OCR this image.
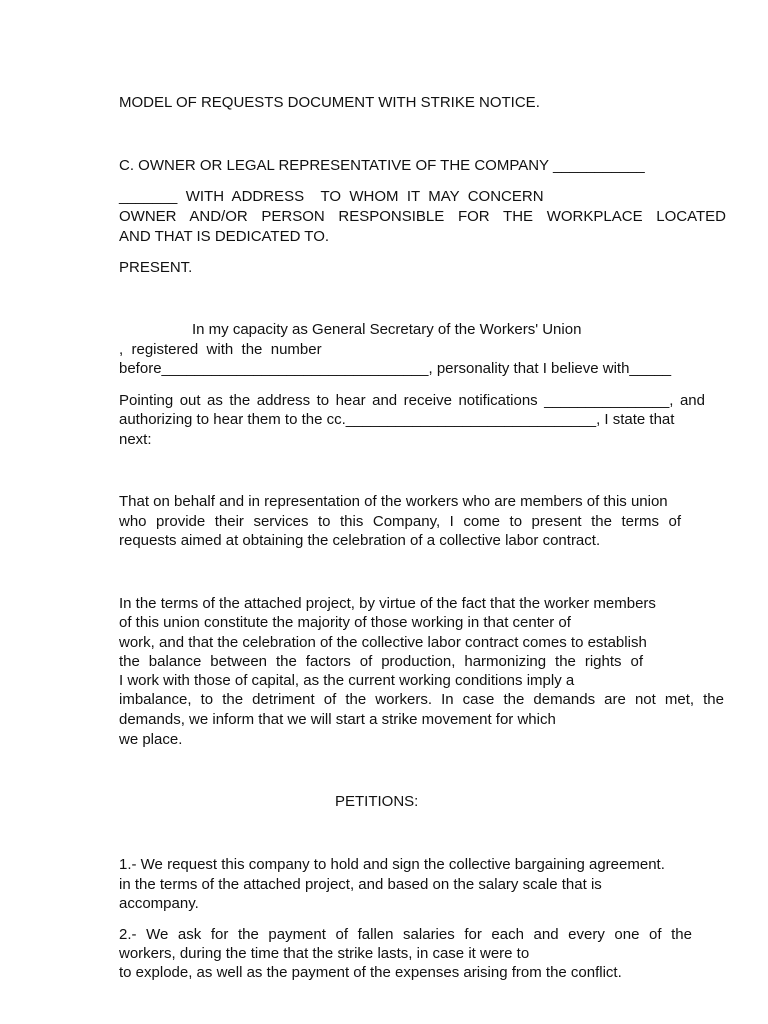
MODEL OF REQUESTS DOCUMENT WITH STRIKE NOTICE.

C. OWNER OR LEGAL REPRESENTATIVE OF THE COMPANY ___________

_______  WITH  ADDRESS    TO  WHOM  IT  MAY  CONCERN

OWNER AND/OR PERSON RESPONSIBLE FOR THE WORKPLACE LOCATED

AND THAT IS DEDICATED TO.

PRESENT.

In my capacity as General Secretary of the Workers' Union

,  registered  with  the  number

before________________________________, personality that I believe with_____

Pointing out as the address to hear and receive notifications _______________, and

authorizing to hear them to the cc.______________________________, I state that

next:

That on behalf and in representation of the workers who are members of this union

who provide their services to this Company, I come to present the terms of

requests aimed at obtaining the celebration of a collective labor contract.

In the terms of the attached project, by virtue of the fact that the worker members

of this union constitute the majority of those working in that center of

work, and that the celebration of the collective labor contract comes to establish

the balance between the factors of production, harmonizing the rights of

I work with those of capital, as the current working conditions imply a

imbalance, to the detriment of the workers. In case the demands are not met, the

demands, we inform that we will start a strike movement for which

we place.

PETITIONS:

1.- We request this company to hold and sign the collective bargaining agreement.

in the terms of the attached project, and based on the salary scale that is

accompany.

2.- We ask for the payment of fallen salaries for each and every one of the

workers, during the time that the strike lasts, in case it were to

to explode, as well as the payment of the expenses arising from the conflict.
